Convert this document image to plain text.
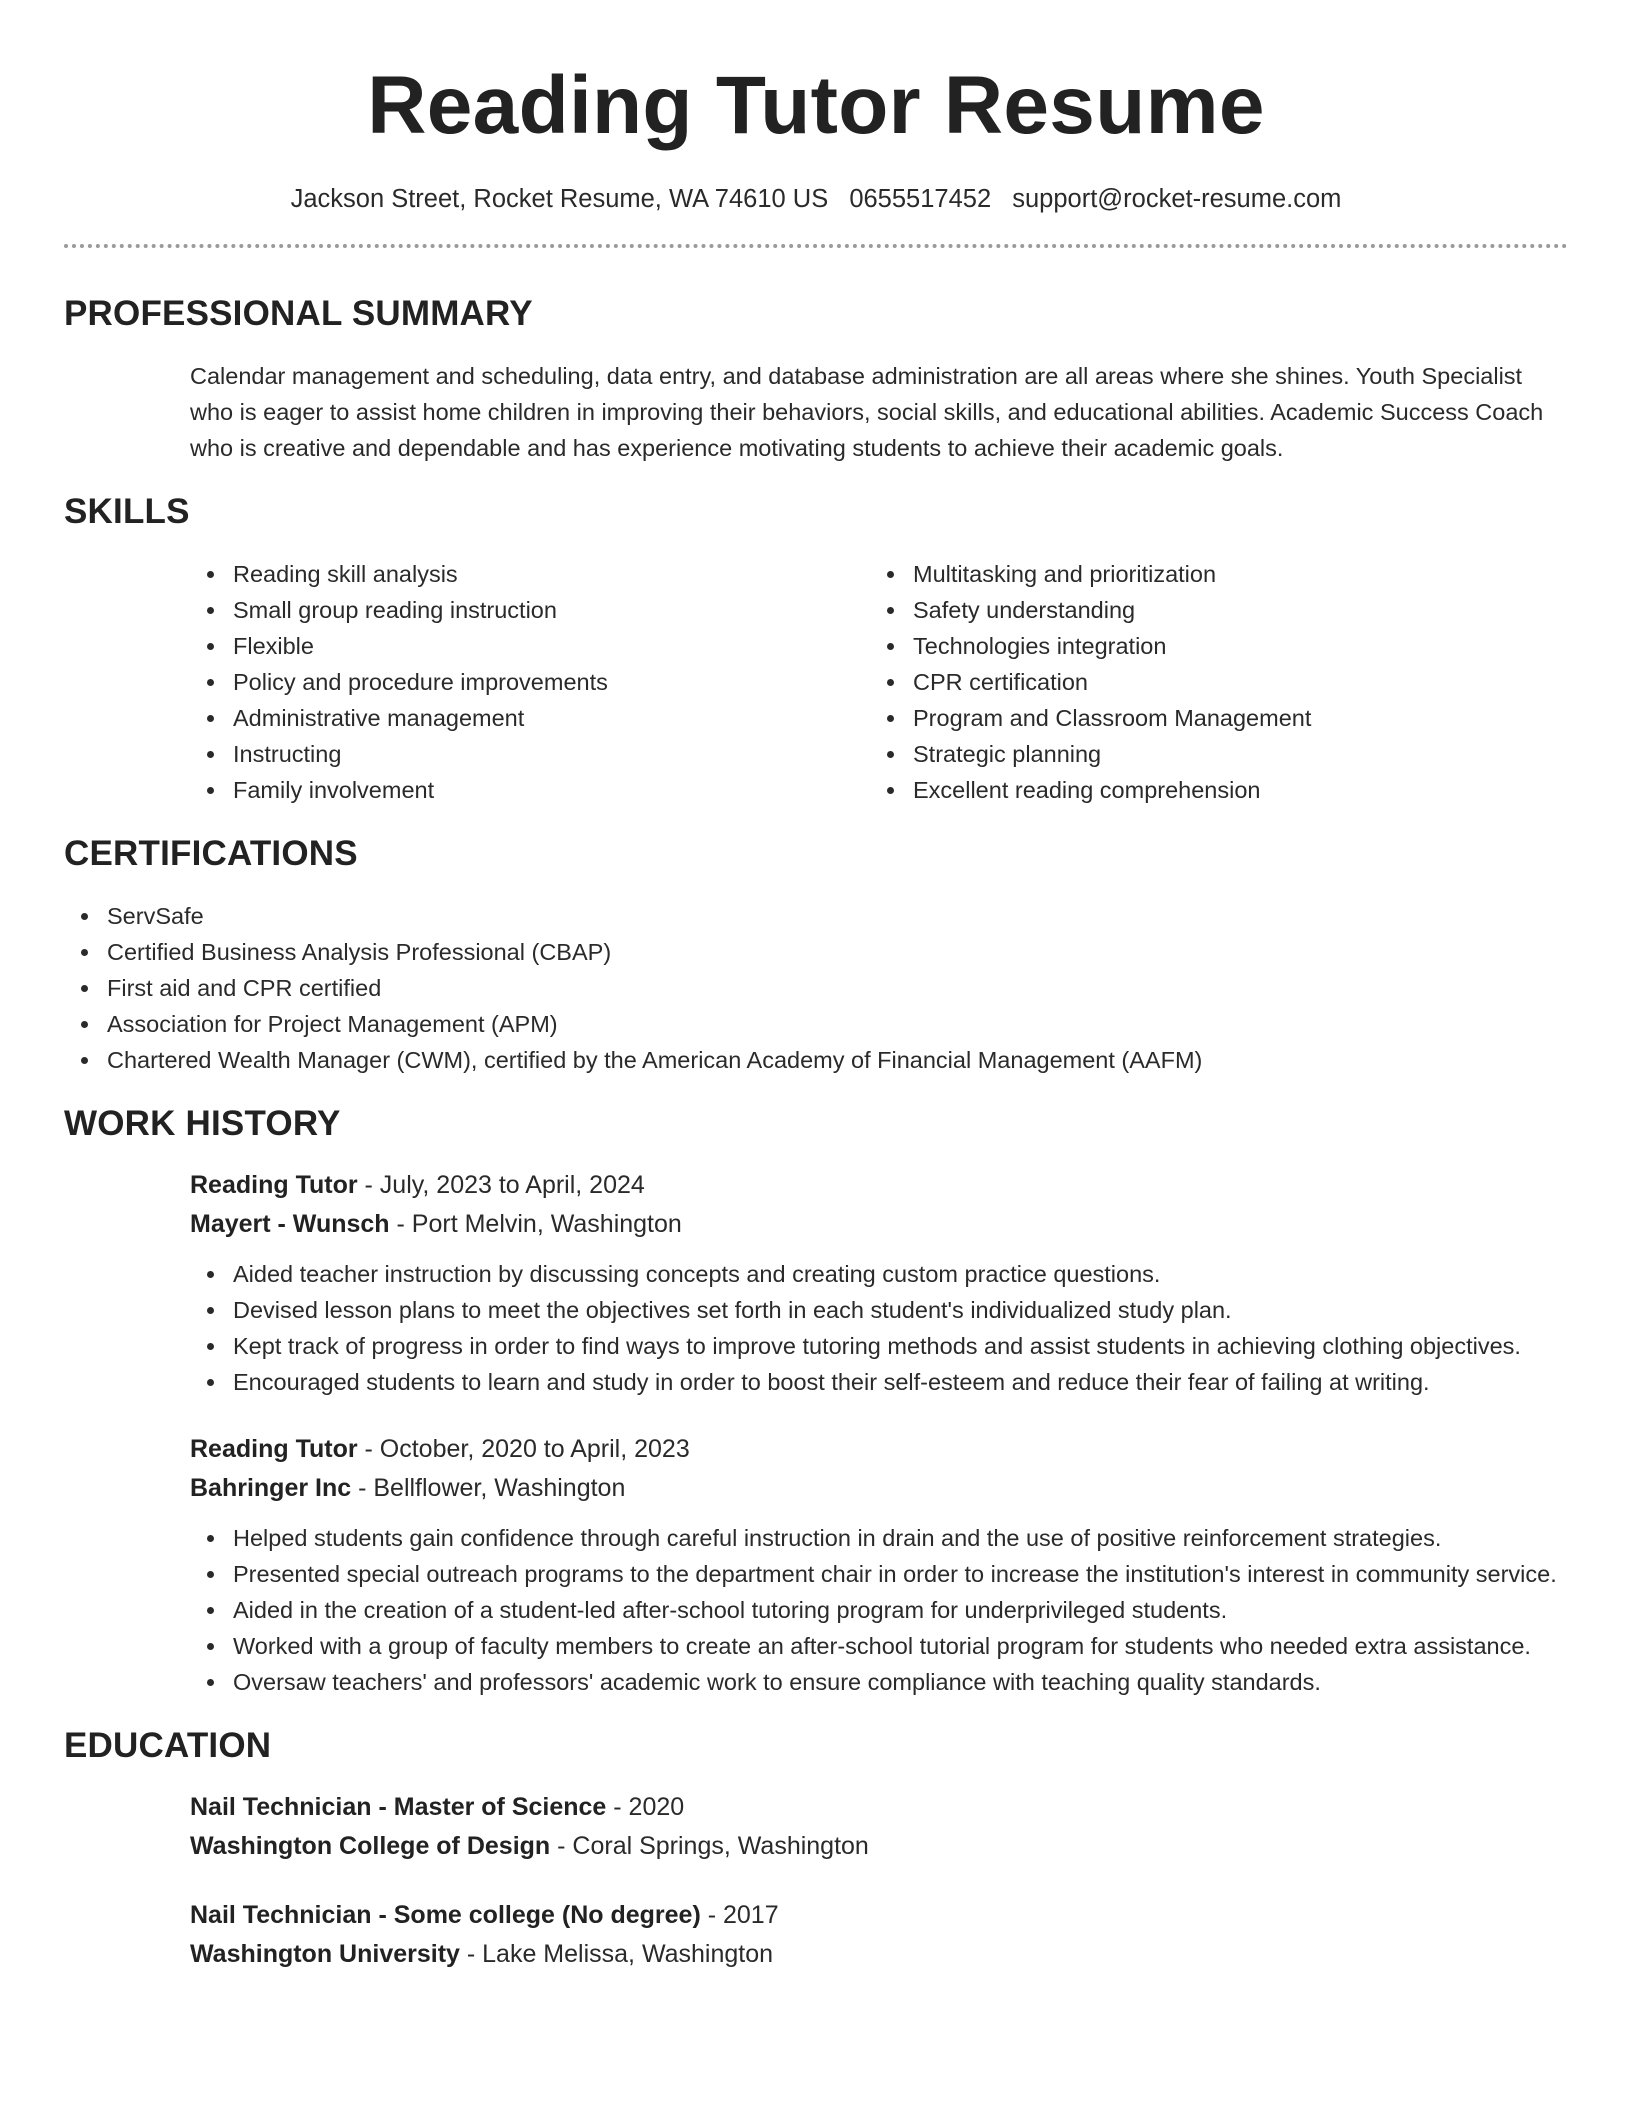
Reading Tutor Resume
Jackson Street, Rocket Resume, WA 74610 US 0655517452 support@rocket-resume.com
PROFESSIONAL SUMMARY
Calendar management and scheduling, data entry, and database administration are all areas where she shines. Youth Specialist who is eager to assist home children in improving their behaviors, social skills, and educational abilities. Academic Success Coach who is creative and dependable and has experience motivating students to achieve their academic goals.
SKILLS
Reading skill analysis
Small group reading instruction
Flexible
Policy and procedure improvements
Administrative management
Instructing
Family involvement
Multitasking and prioritization
Safety understanding
Technologies integration
CPR certification
Program and Classroom Management
Strategic planning
Excellent reading comprehension
CERTIFICATIONS
ServSafe
Certified Business Analysis Professional (CBAP)
First aid and CPR certified
Association for Project Management (APM)
Chartered Wealth Manager (CWM), certified by the American Academy of Financial Management (AAFM)
WORK HISTORY
Reading Tutor - July, 2023 to April, 2024
Mayert - Wunsch - Port Melvin, Washington
Aided teacher instruction by discussing concepts and creating custom practice questions.
Devised lesson plans to meet the objectives set forth in each student's individualized study plan.
Kept track of progress in order to find ways to improve tutoring methods and assist students in achieving clothing objectives.
Encouraged students to learn and study in order to boost their self-esteem and reduce their fear of failing at writing.
Reading Tutor - October, 2020 to April, 2023
Bahringer Inc - Bellflower, Washington
Helped students gain confidence through careful instruction in drain and the use of positive reinforcement strategies.
Presented special outreach programs to the department chair in order to increase the institution's interest in community service.
Aided in the creation of a student-led after-school tutoring program for underprivileged students.
Worked with a group of faculty members to create an after-school tutorial program for students who needed extra assistance.
Oversaw teachers' and professors' academic work to ensure compliance with teaching quality standards.
EDUCATION
Nail Technician - Master of Science - 2020
Washington College of Design - Coral Springs, Washington
Nail Technician - Some college (No degree) - 2017
Washington University - Lake Melissa, Washington
